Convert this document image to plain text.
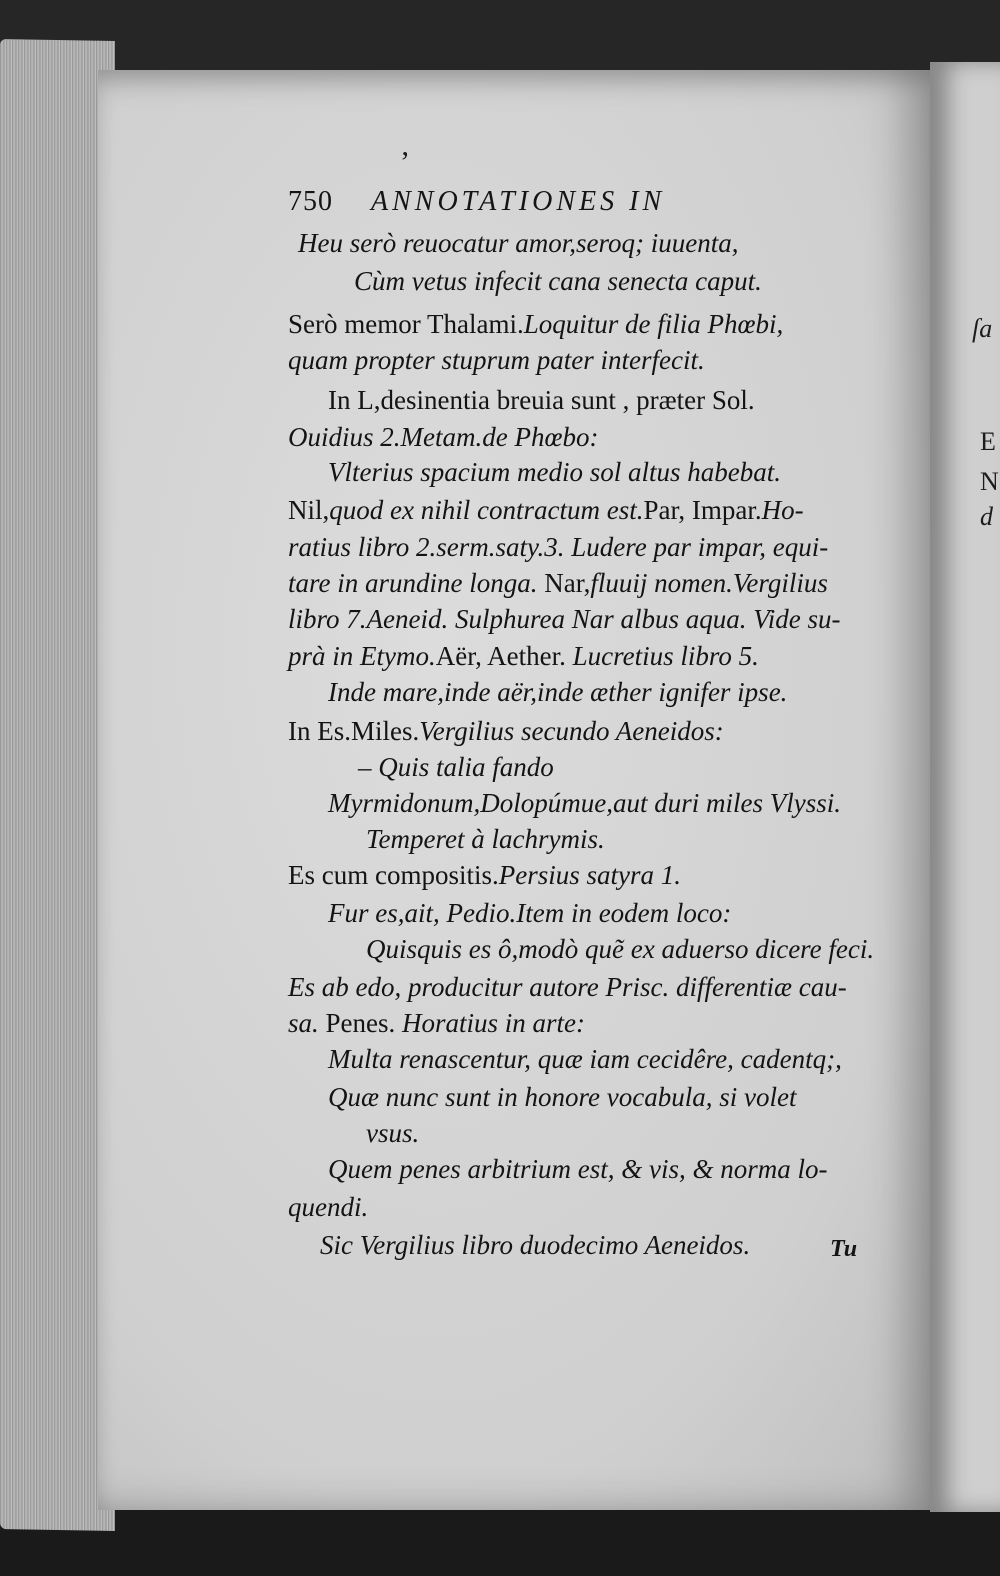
ſa
E
N
d
ʼ
750 ANNOTATIONES IN
Heu serò reuocatur amor,seroq; iuuenta,
Cùm vetus infecit cana senecta caput.
Serò memor Thalami.Loquitur de filia Phœbi,
quam propter stuprum pater interfecit.
In L,desinentia breuia sunt , præter Sol.
Ouidius 2.Metam.de Phœbo:
Vlterius spacium medio sol altus habebat.
Nil,quod ex nihil contractum est.Par, Impar.Ho-
ratius libro 2.serm.saty.3. Ludere par impar, equi-
tare in arundine longa. Nar,fluuij nomen.Vergilius
libro 7.Aeneid. Sulphurea Nar albus aqua. Vide su-
prà in Etymo.Aër, Aether. Lucretius libro 5.
Inde mare,inde aër,inde æther ignifer ipse.
In Es.Miles.Vergilius secundo Aeneidos:
– Quis talia fando
Myrmidonum,Dolopúmue,aut duri miles Vlyssi.
Temperet à lachrymis.
Es cum compositis.Persius satyra 1.
Fur es,ait, Pedio.Item in eodem loco:
Quisquis es ô,modò quẽ ex aduerso dicere feci.
Es ab edo, producitur autore Prisc. differentiæ cau-
sa. Penes. Horatius in arte:
Multa renascentur, quæ iam cecidêre, cadentq;,
Quæ nunc sunt in honore vocabula, si volet
vsus.
Quem penes arbitrium est, & vis, & norma lo-
quendi.
Sic Vergilius libro duodecimo Aeneidos.	Tu
